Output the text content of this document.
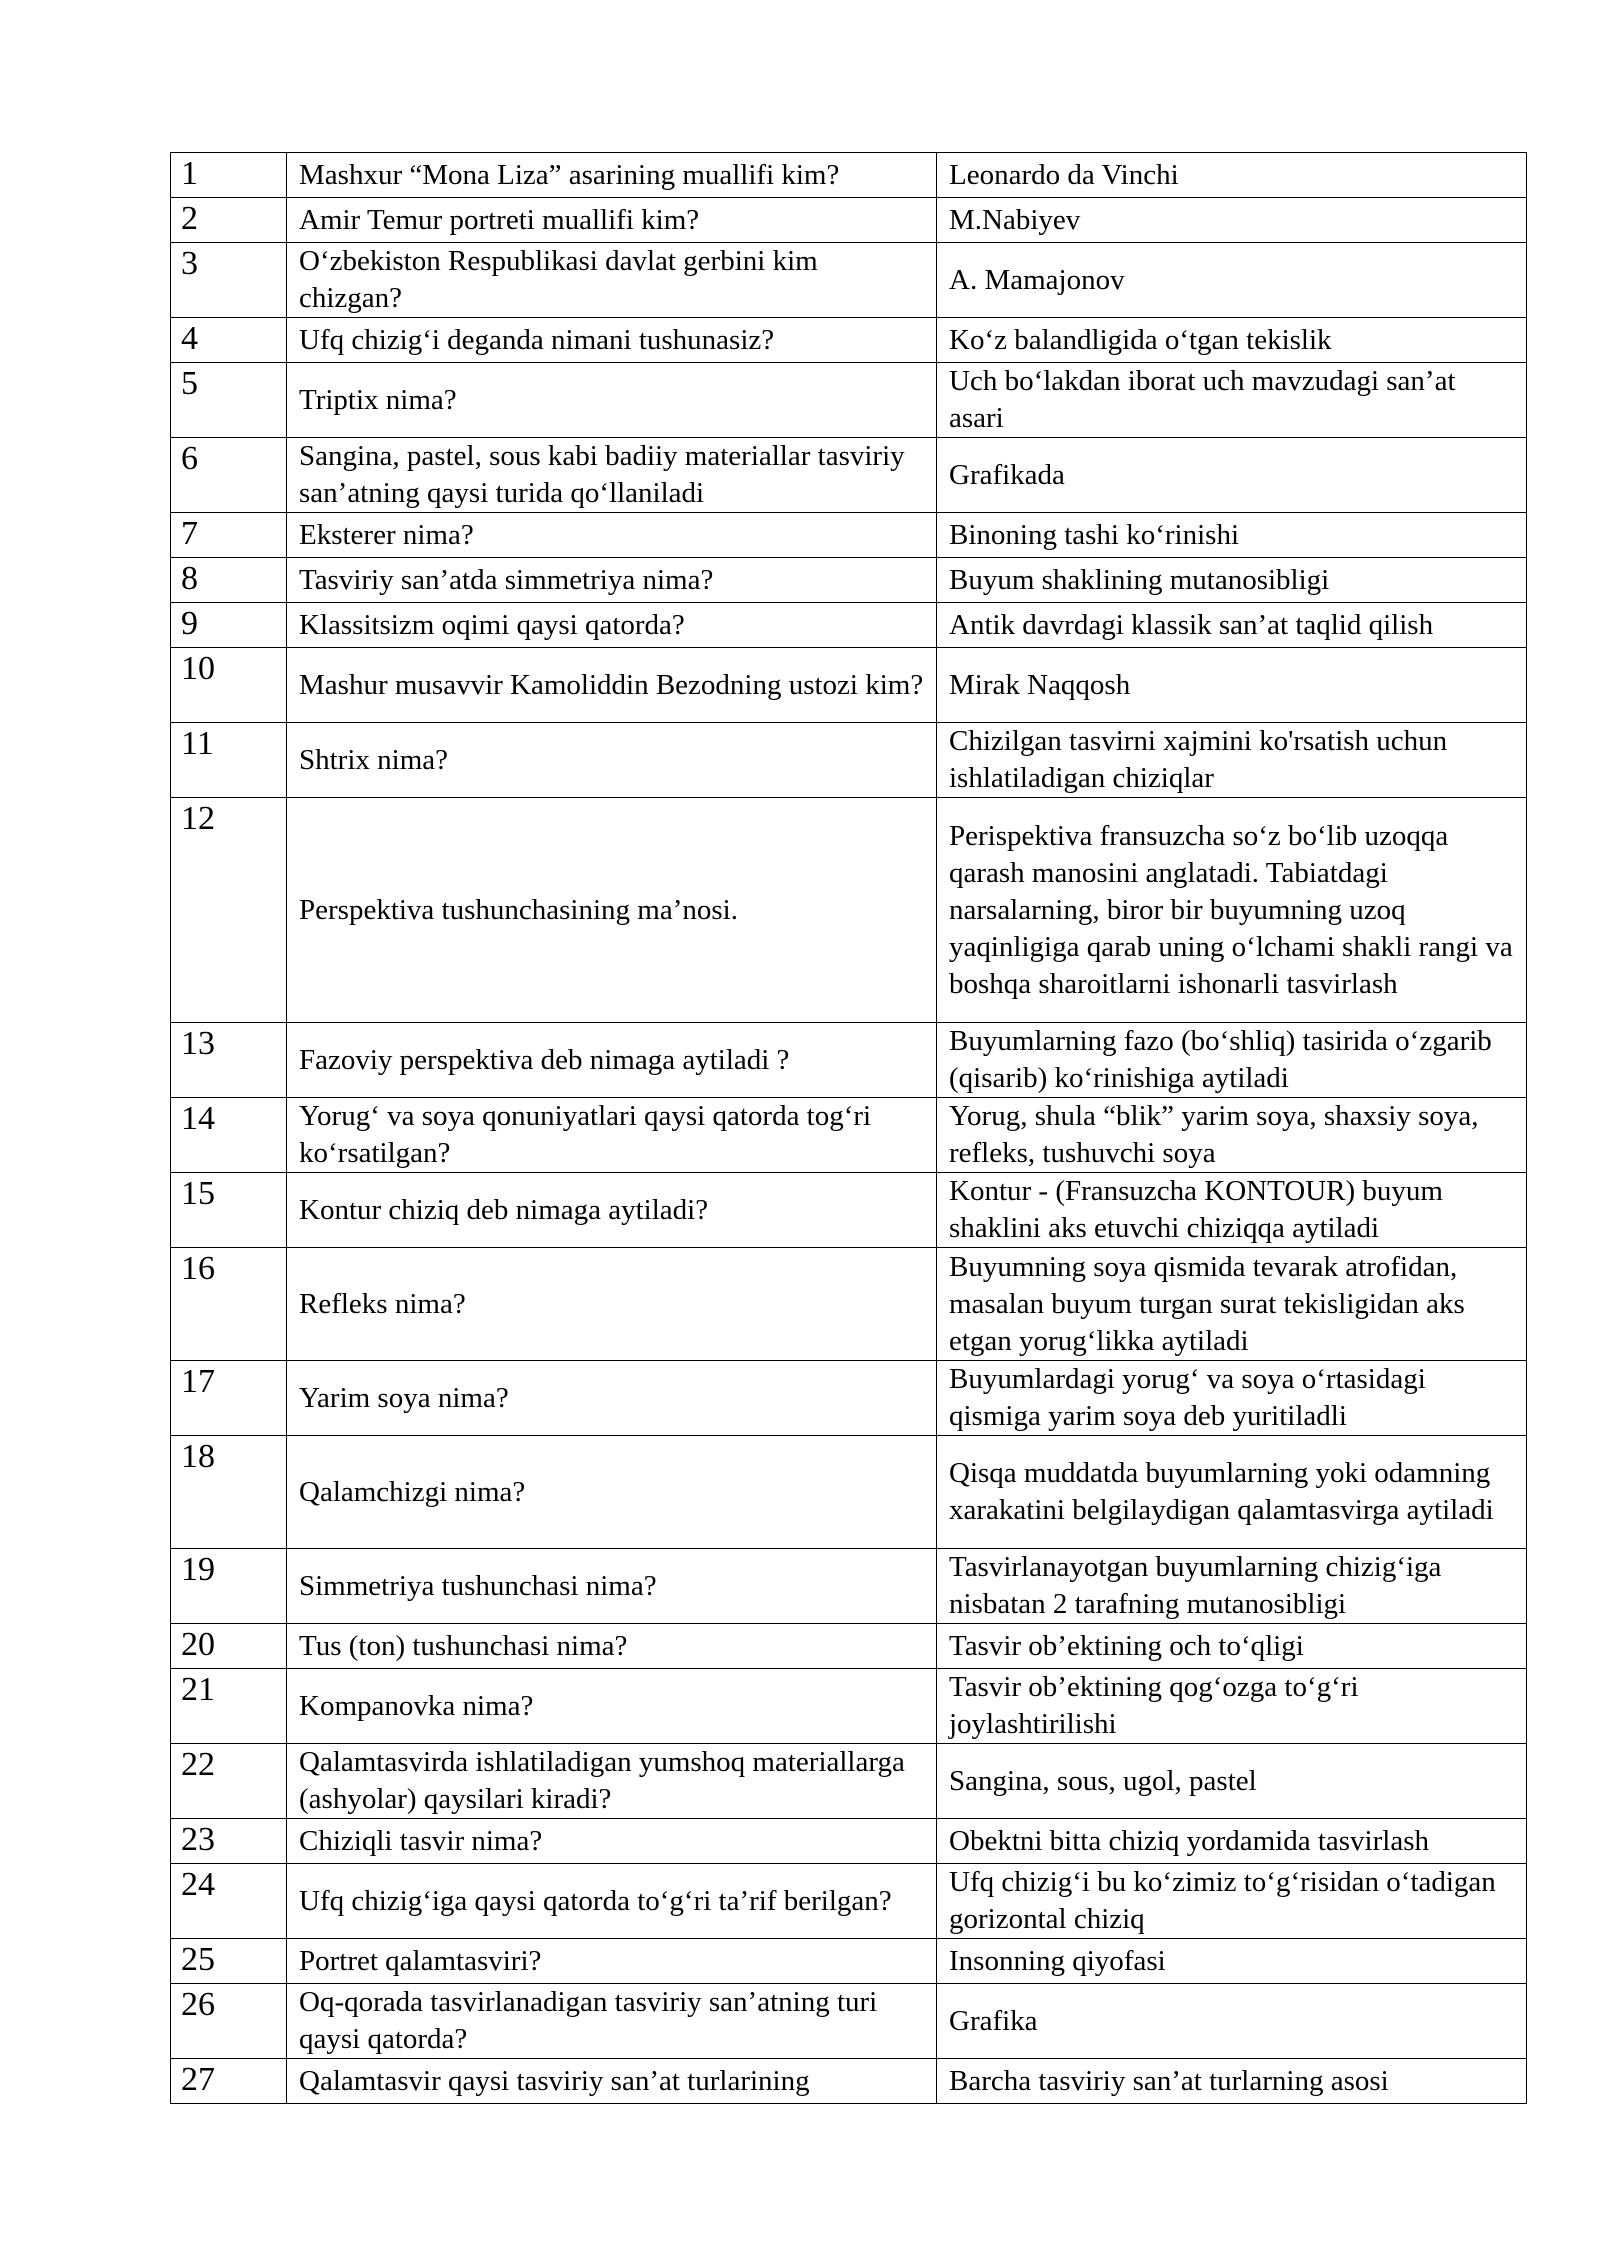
1	Mashxur “Mona Liza” asarining muallifi kim?	Leonardo da Vinchi
2	Amir Temur portreti muallifi kim?	M.Nabiyev
3	O‘zbekiston Respublikasi davlat gerbini kim chizgan?	A. Mamajonov
4	Ufq chizig‘i deganda nimani tushunasiz?	Ko‘z balandligida o‘tgan tekislik
5	Triptix nima?	Uch bo‘lakdan iborat uch mavzudagi san’at asari
6	Sangina, pastel, sous kabi badiiy materiallar tasviriy san’atning qaysi turida qo‘llaniladi	Grafikada
7	Eksterer nima?	Binoning tashi ko‘rinishi
8	Tasviriy san’atda simmetriya nima?	Buyum shaklining mutanosibligi
9	Klassitsizm oqimi qaysi qatorda?	Antik davrdagi klassik san’at taqlid qilish
10	Mashur musavvir Kamoliddin Bezodning ustozi kim?	Mirak Naqqosh
11	Shtrix nima?	Chizilgan tasvirni xajmini ko'rsatish uchun ishlatiladigan chiziqlar
12	Perspektiva tushunchasining ma’nosi.	Perispektiva fransuzcha so‘z bo‘lib uzoqqa qarash manosini anglatadi. Tabiatdagi narsalarning, biror bir buyumning uzoq yaqinligiga qarab uning o‘lchami shakli rangi va boshqa sharoitlarni ishonarli tasvirlash
13	Fazoviy perspektiva deb nimaga aytiladi ?	Buyumlarning fazo (bo‘shliq) tasirida o‘zgarib (qisarib) ko‘rinishiga aytiladi
14	Yorug‘ va soya qonuniyatlari qaysi qatorda tog‘ri ko‘rsatilgan?	Yorug, shula “blik” yarim soya, shaxsiy soya, refleks, tushuvchi soya
15	Kontur chiziq deb nimaga aytiladi?	Kontur - (Fransuzcha KONTOUR) buyum shaklini aks etuvchi chiziqqa aytiladi
16	Refleks nima?	Buyumning soya qismida tevarak atrofidan, masalan buyum turgan surat tekisligidan aks etgan yorug‘likka aytiladi
17	Yarim soya nima?	Buyumlardagi yorug‘ va soya o‘rtasidagi qismiga yarim soya deb yuritiladli
18	Qalamchizgi nima?	Qisqa muddatda buyumlarning yoki odamning xarakatini belgilaydigan qalamtasvirga aytiladi
19	Simmetriya tushunchasi nima?	Tasvirlanayotgan buyumlarning chizig‘iga nisbatan 2 tarafning mutanosibligi
20	Tus (ton) tushunchasi nima?	Tasvir ob’ektining och to‘qligi
21	Kompanovka nima?	Tasvir ob’ektining qog‘ozga to‘g‘ri joylashtirilishi
22	Qalamtasvirda ishlatiladigan yumshoq materiallarga (ashyolar) qaysilari kiradi?	Sangina, sous, ugol, pastel
23	Chiziqli tasvir nima?	Obektni bitta chiziq yordamida tasvirlash
24	Ufq chizig‘iga qaysi qatorda to‘g‘ri ta’rif berilgan?	Ufq chizig‘i bu ko‘zimiz to‘g‘risidan o‘tadigan gorizontal chiziq
25	Portret qalamtasviri?	Insonning qiyofasi
26	Oq-qorada tasvirlanadigan tasviriy san’atning turi qaysi qatorda?	Grafika
27	Qalamtasvir qaysi tasviriy san’at turlarining	Barcha tasviriy san’at turlarning asosi
